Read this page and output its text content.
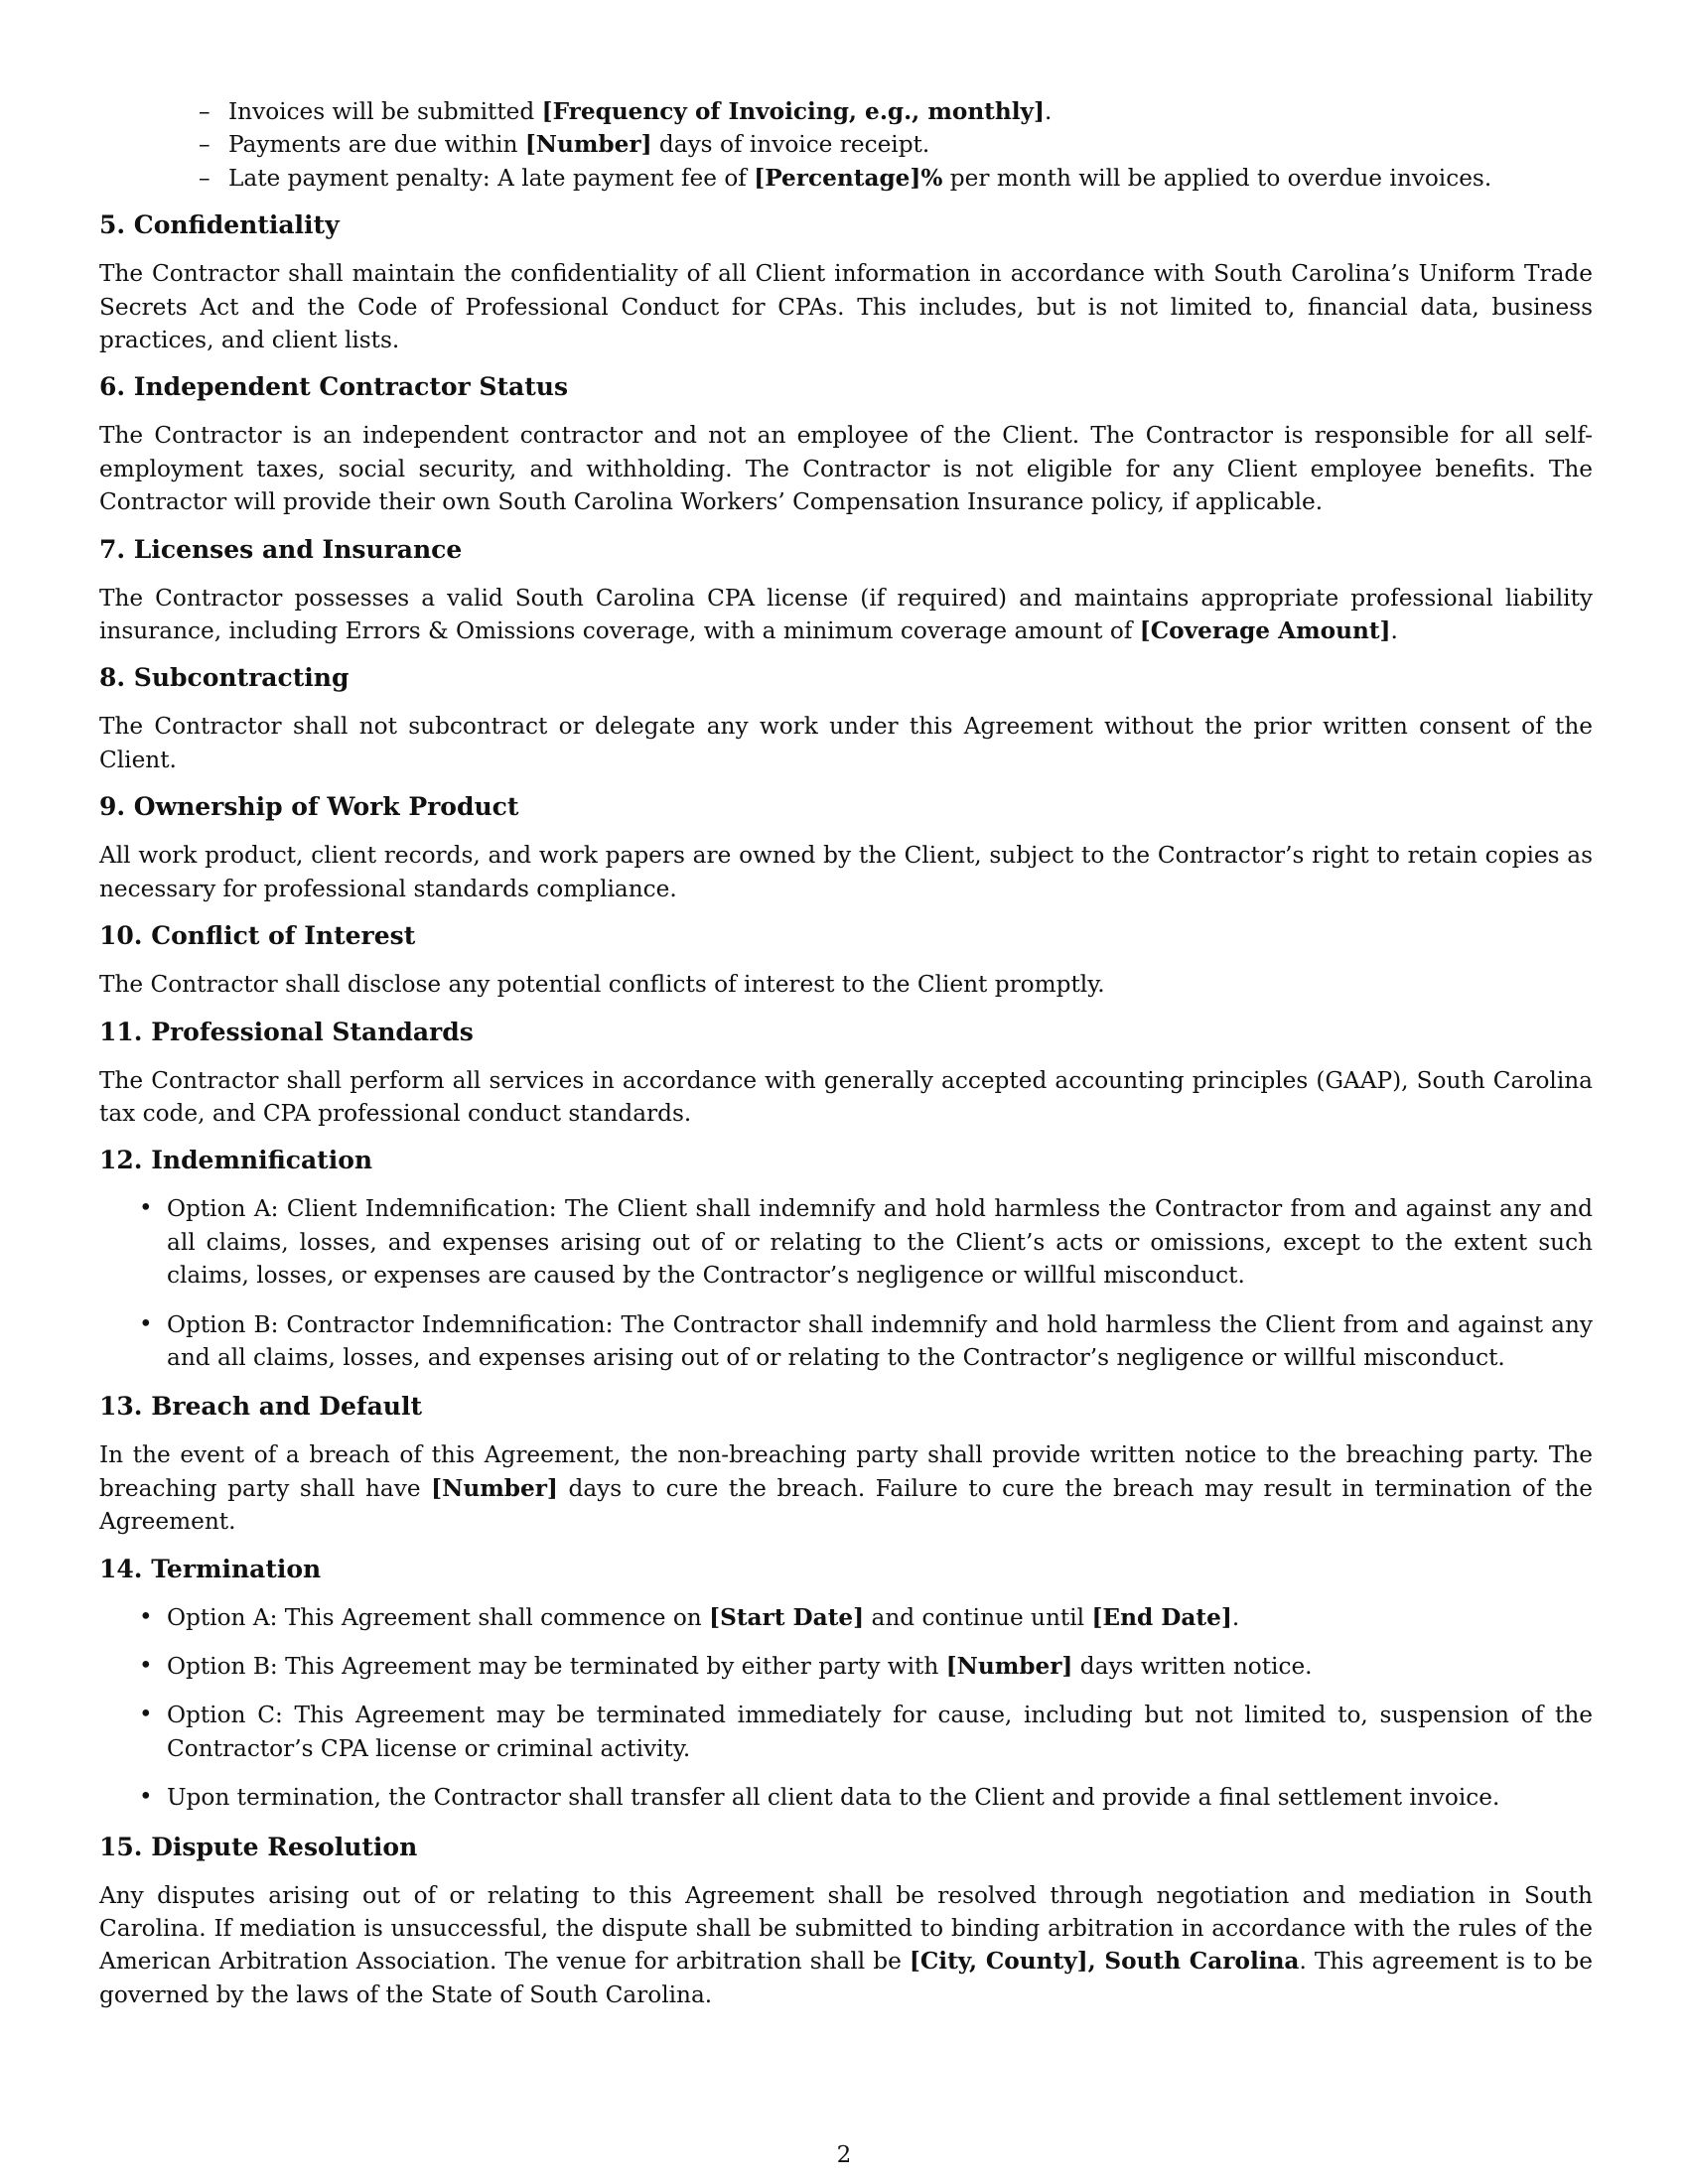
– Invoices will be submitted [Frequency of Invoicing, e.g., monthly].
– Payments are due within [Number] days of invoice receipt.
– Late payment penalty: A late payment fee of [Percentage]% per month will be applied to overdue invoices.
5. Confidentiality

The Contractor shall maintain the confidentiality of all Client information in accordance with South Carolina’s Uniform Trade Secrets Act and the Code of Professional Conduct for CPAs. This includes, but is not limited to, financial data, business practices, and client lists.

6. Independent Contractor Status

The Contractor is an independent contractor and not an employee of the Client. The Contractor is responsible for all self-employment taxes, social security, and withholding. The Contractor is not eligible for any Client employee benefits. The Contractor will provide their own South Carolina Workers’ Compensation Insurance policy, if applicable.

7. Licenses and Insurance

The Contractor possesses a valid South Carolina CPA license (if required) and maintains appropriate professional liability insurance, including Errors & Omissions coverage, with a minimum coverage amount of [Coverage Amount].

8. Subcontracting

The Contractor shall not subcontract or delegate any work under this Agreement without the prior written consent of the Client.

9. Ownership of Work Product

All work product, client records, and work papers are owned by the Client, subject to the Contractor’s right to retain copies as necessary for professional standards compliance.

10. Conflict of Interest

The Contractor shall disclose any potential conflicts of interest to the Client promptly.

11. Professional Standards

The Contractor shall perform all services in accordance with generally accepted accounting principles (GAAP), South Carolina tax code, and CPA professional conduct standards.

12. Indemnification
• Option A: Client Indemnification: The Client shall indemnify and hold harmless the Contractor from and against any and all claims, losses, and expenses arising out of or relating to the Client’s acts or omissions, except to the extent such claims, losses, or expenses are caused by the Contractor’s negligence or willful misconduct.
• Option B: Contractor Indemnification: The Contractor shall indemnify and hold harmless the Client from and against any and all claims, losses, and expenses arising out of or relating to the Contractor’s negligence or willful misconduct.
13. Breach and Default

In the event of a breach of this Agreement, the non-breaching party shall provide written notice to the breaching party. The breaching party shall have [Number] days to cure the breach. Failure to cure the breach may result in termination of the Agreement.

14. Termination
• Option A: This Agreement shall commence on [Start Date] and continue until [End Date].
• Option B: This Agreement may be terminated by either party with [Number] days written notice.
• Option C: This Agreement may be terminated immediately for cause, including but not limited to, suspension of the Contractor’s CPA license or criminal activity.
• Upon termination, the Contractor shall transfer all client data to the Client and provide a final settlement invoice.
15. Dispute Resolution

Any disputes arising out of or relating to this Agreement shall be resolved through negotiation and mediation in South Carolina. If mediation is unsuccessful, the dispute shall be submitted to binding arbitration in accordance with the rules of the American Arbitration Association. The venue for arbitration shall be [City, County], South Carolina. This agreement is to be governed by the laws of the State of South Carolina.

2
